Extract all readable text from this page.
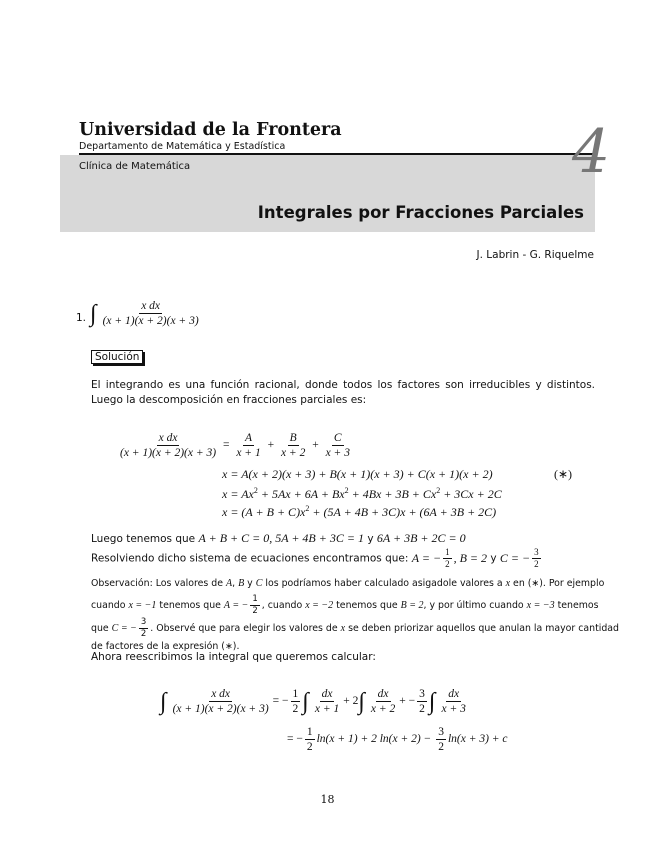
Universidad de la Frontera
Departamento de Matemática y Estadística
Clínica de Matemática	4
Integrales por Fracciones Parciales
J. Labrin - G. Riquelme
1. ∫ $\frac{\text{x dx}}{(x + 1)(x + 2)(x + 3)}$
Solución
El integrando es una función racional, donde todos los factores son irreducibles y distintos. Luego la descomposición en fracciones parciales es:
$\frac{\text{x dx}}{(x + 1)(x + 2)(x + 3)} = \frac{A}{x + 1} + \frac{B}{x + 2} + \frac{C}{x + 3}$
x = A(x + 2)(x + 3) + B(x + 1)(x + 3) + C(x + 1)(x + 2)	(∗)
$x = Ax^2 + 5Ax + 6A + Bx^2 + 4Bx + 3B + Cx^2 + 3Cx + 2C$
$x = (A + B + C)x^2 + (5A + 4B + 3C)x + (6A + 3B + 2C)$
Luego tenemos que A + B + C = 0, 5A + 4B + 3C = 1 y 6A + 3B + 2C = 0
Resolviendo dicho sistema de ecuaciones encontramos que: A = − $\frac{1}{2}$ , B = 2 y C = − $\frac{3}{2}$
Observación: Los valores de A, B y C los podríamos haber calculado asigadole valores a x en (∗). Por ejemplo
cuando x = −1 tenemos que A = − $\frac{1}{2}$ , cuando x = −2 tenemos que B = 2, y por último cuando x = −3 tenemos
que C = − $\frac{3}{2}$ . Observé que para elegir los valores de x se deben priorizar aquellos que anulan la mayor cantidad
de factores de la expresión (∗).
Ahora reescribimos la integral que queremos calcular:
∫ $\frac{\text{x dx}}{(x + 1)(x + 2)(x + 3)}$ = − $\frac{1}{2}$ ∫ $\frac{dx}{x + 1} + 2\int \frac{dx}{x + 2}$ + − $\frac{3}{2}$ ∫ $\frac{dx}{x + 3}$
= − $\frac{1}{2} \ln(x + 1) + 2$ $\ln(x + 2) - \frac{3}{2} \ln(x + 3) + c$
18
